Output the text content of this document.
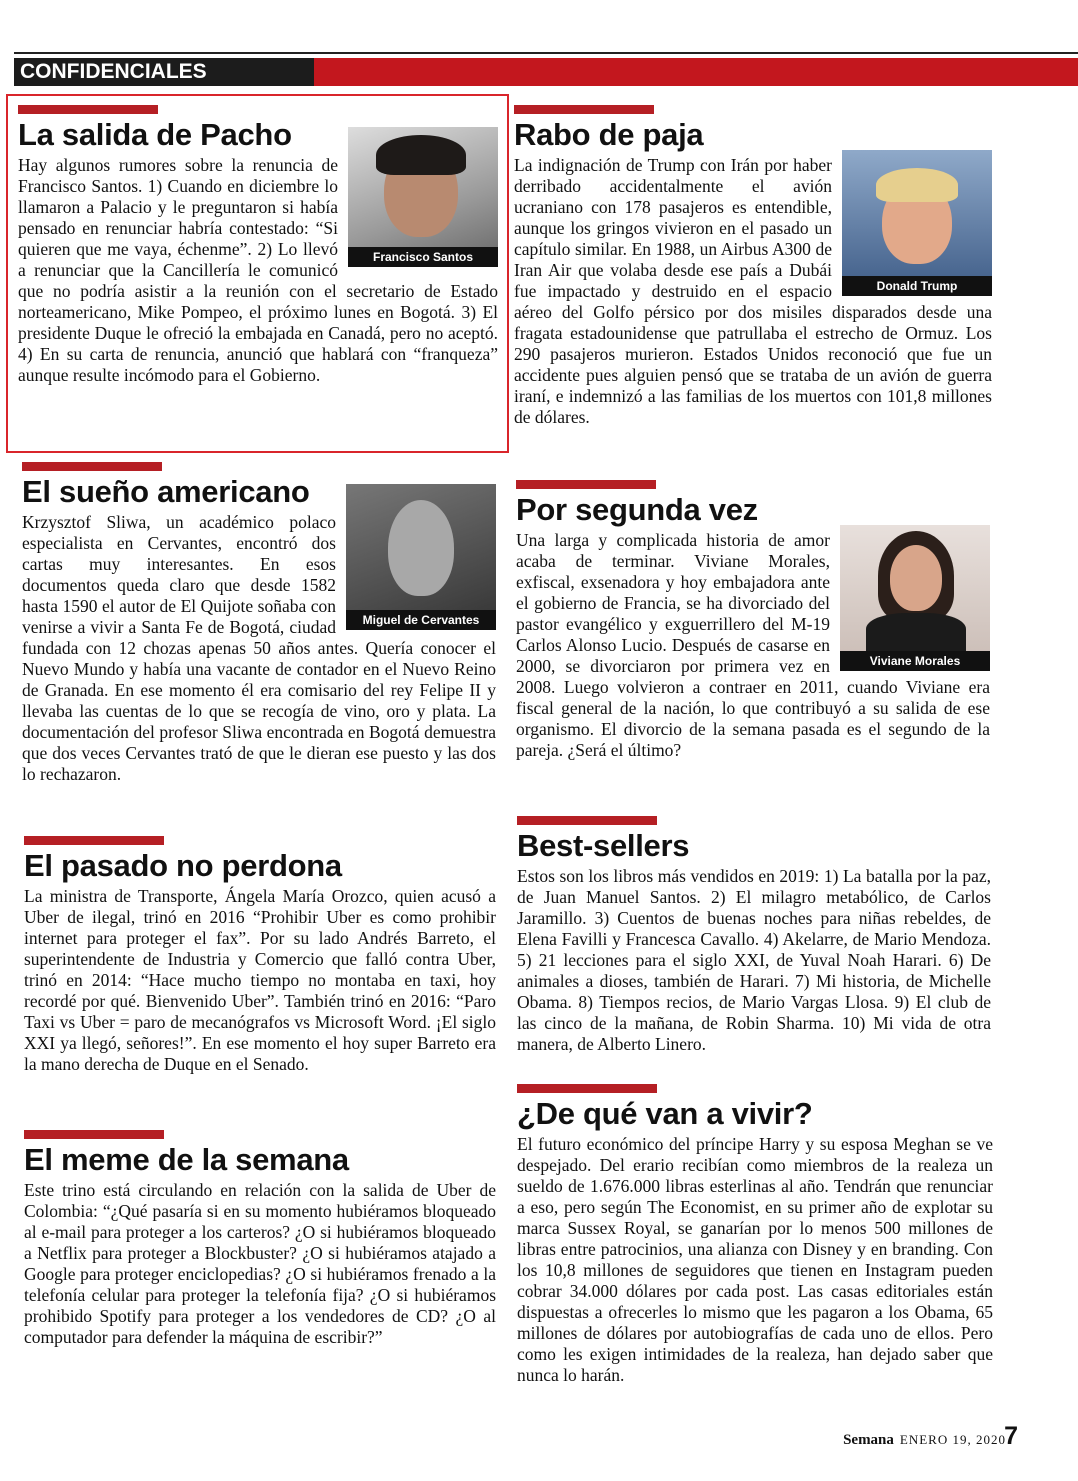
CONFIDENCIALES
La salida de Pacho
Francisco Santos

Hay algunos rumores sobre la renuncia de Francisco Santos. 1) Cuando en diciembre lo llamaron a Palacio y le preguntaron si había pensado en renunciar habría contestado: “Si quieren que me vaya, échenme”. 2) Lo llevó a renunciar que la Cancillería le comunicó que no podría asistir a la reunión con el secretario de Estado norteamericano, Mike Pompeo, el próximo lunes en Bogotá. 3) El presidente Duque le ofreció la embajada en Canadá, pero no aceptó. 4) En su carta de renuncia, anunció que hablará con “franqueza” aunque resulte incómodo para el Gobierno.

Rabo de paja
Donald Trump

La indignación de Trump con Irán por haber derribado accidentalmente el avión ucraniano con 178 pasajeros es entendible, aunque los gringos vivieron en el pasado un capítulo similar. En 1988, un Airbus A300 de Iran Air que volaba desde ese país a Dubái fue impactado y destruido en el espacio aéreo del Golfo pérsico por dos misiles disparados desde una fragata estadounidense que patrullaba el estrecho de Ormuz. Los 290 pasajeros murieron. Estados Unidos reconoció que fue un accidente pues alguien pensó que se trataba de un avión de guerra iraní, e indemnizó a las familias de los muertos con 101,8 millones de dólares.

El sueño americano
Miguel de Cervantes

Krzysztof Sliwa, un académico polaco especialista en Cervantes, encontró dos cartas muy interesantes. En esos documentos queda claro que desde 1582 hasta 1590 el autor de El Quijote soñaba con venirse a vivir a Santa Fe de Bogotá, ciudad fundada con 12 chozas apenas 50 años antes. Quería conocer el Nuevo Mundo y había una vacante de contador en el Nuevo Reino de Granada. En ese momento él era comisario del rey Felipe II y llevaba las cuentas de lo que se recogía de vino, oro y plata. La documentación del profesor Sliwa encontrada en Bogotá demuestra que dos veces Cervantes trató de que le dieran ese puesto y las dos lo rechazaron.

Por segunda vez
Viviane Morales

Una larga y complicada historia de amor acaba de terminar. Viviane Morales, exfiscal, exsenadora y hoy embajadora ante el gobierno de Francia, se ha divorciado del pastor evangélico y exguerrillero del M-19 Carlos Alonso Lucio. Después de casarse en 2000, se divorciaron por primera vez en 2008. Luego volvieron a contraer en 2011, cuando Viviane era fiscal general de la nación, lo que contribuyó a su salida de ese organismo. El divorcio de la semana pasada es el segundo de la pareja. ¿Será el último?

El pasado no perdona

La ministra de Transporte, Ángela María Orozco, quien acusó a Uber de ilegal, trinó en 2016 “Prohibir Uber es como prohibir internet para proteger el fax”. Por su lado Andrés Barreto, el superintendente de Industria y Comercio que falló contra Uber, trinó en 2014: “Hace mucho tiempo no montaba en taxi, hoy recordé por qué. Bienvenido Uber”. También trinó en 2016: “Paro Taxi vs Uber = paro de mecanógrafos vs Microsoft Word. ¡El siglo XXI ya llegó, señores!”. En ese momento el hoy super Barreto era la mano derecha de Duque en el Senado.

Best-sellers

Estos son los libros más vendidos en 2019: 1) La batalla por la paz, de Juan Manuel Santos. 2) El milagro metabólico, de Carlos Jaramillo. 3) Cuentos de buenas noches para niñas rebeldes, de Elena Favilli y Francesca Cavallo. 4) Akelarre, de Mario Mendoza. 5) 21 lecciones para el siglo XXI, de Yuval Noah Harari. 6) De animales a dioses, también de Harari. 7) Mi historia, de Michelle Obama. 8) Tiempos recios, de Mario Vargas Llosa. 9) El club de las cinco de la mañana, de Robin Sharma. 10) Mi vida de otra manera, de Alberto Linero.

El meme de la semana

Este trino está circulando en relación con la salida de Uber de Colombia: “¿Qué pasaría si en su momento hubiéramos bloqueado al e-mail para proteger a los carteros? ¿O si hubiéramos bloqueado a Netflix para proteger a Blockbuster? ¿O si hubiéramos atajado a Google para proteger enciclopedias? ¿O si hubiéramos frenado a la telefonía celular para proteger la telefonía fija? ¿O si hubiéramos prohibido Spotify para proteger a los vendedores de CD? ¿O al computador para defender la máquina de escribir?”

¿De qué van a vivir?

El futuro económico del príncipe Harry y su esposa Meghan se ve despejado. Del erario recibían como miembros de la realeza un sueldo de 1.676.000 libras esterlinas al año. Tendrán que renunciar a eso, pero según The Economist, en su primer año de explotar su marca Sussex Royal, se ganarían por lo menos 500 millones de libras entre patrocinios, una alianza con Disney y en branding. Con los 10,8 millones de seguidores que tienen en Instagram pueden cobrar 34.000 dólares por cada post. Las casas editoriales están dispuestas a ofrecerles lo mismo que les pagaron a los Obama, 65 millones de dólares por autobiografías de cada uno de ellos. Pero como les exigen intimidades de la realeza, han dejado saber que nunca lo harán.

Semana ENERO 19, 2020
7
